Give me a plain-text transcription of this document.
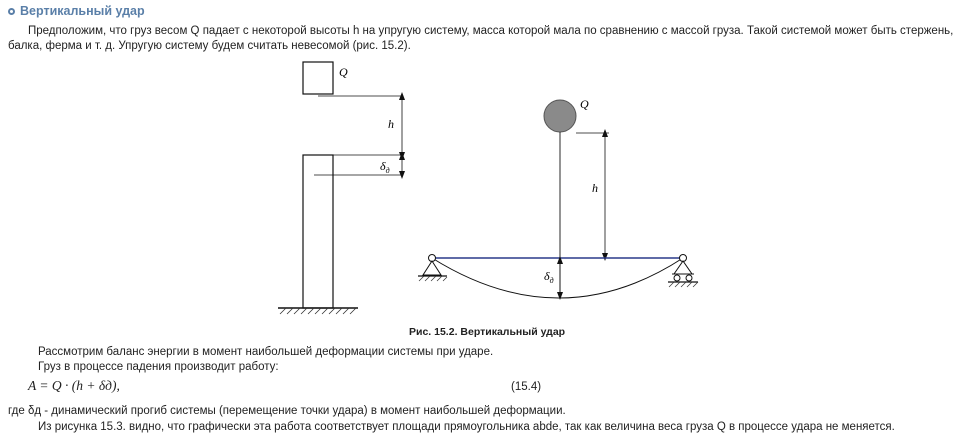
Вертикальный удар
Предположим, что груз весом Q падает с некоторой высоты h на упругую систему, масса которой мала по сравнению с массой груза. Такой системой может быть стержень,
балка, ферма и т. д. Упругую систему будем считать невесомой (рис. 15.2).
Q
h
$\delta_д$
Q
h
$\delta_д$
Рис. 15.2. Вертикальный удар
Рассмотрим баланс энергии в момент наибольшей деформации системы при ударе.
Груз в процессе падения производит работу:
A = Q · (h + δд),	(15.4)
где δд - динамический прогиб системы (перемещение точки удара) в момент наибольшей деформации.
Из рисунка 15.3. видно, что графически эта работа соответствует площади прямоугольника abde, так как величина веса груза Q в процессе удара не меняется.
